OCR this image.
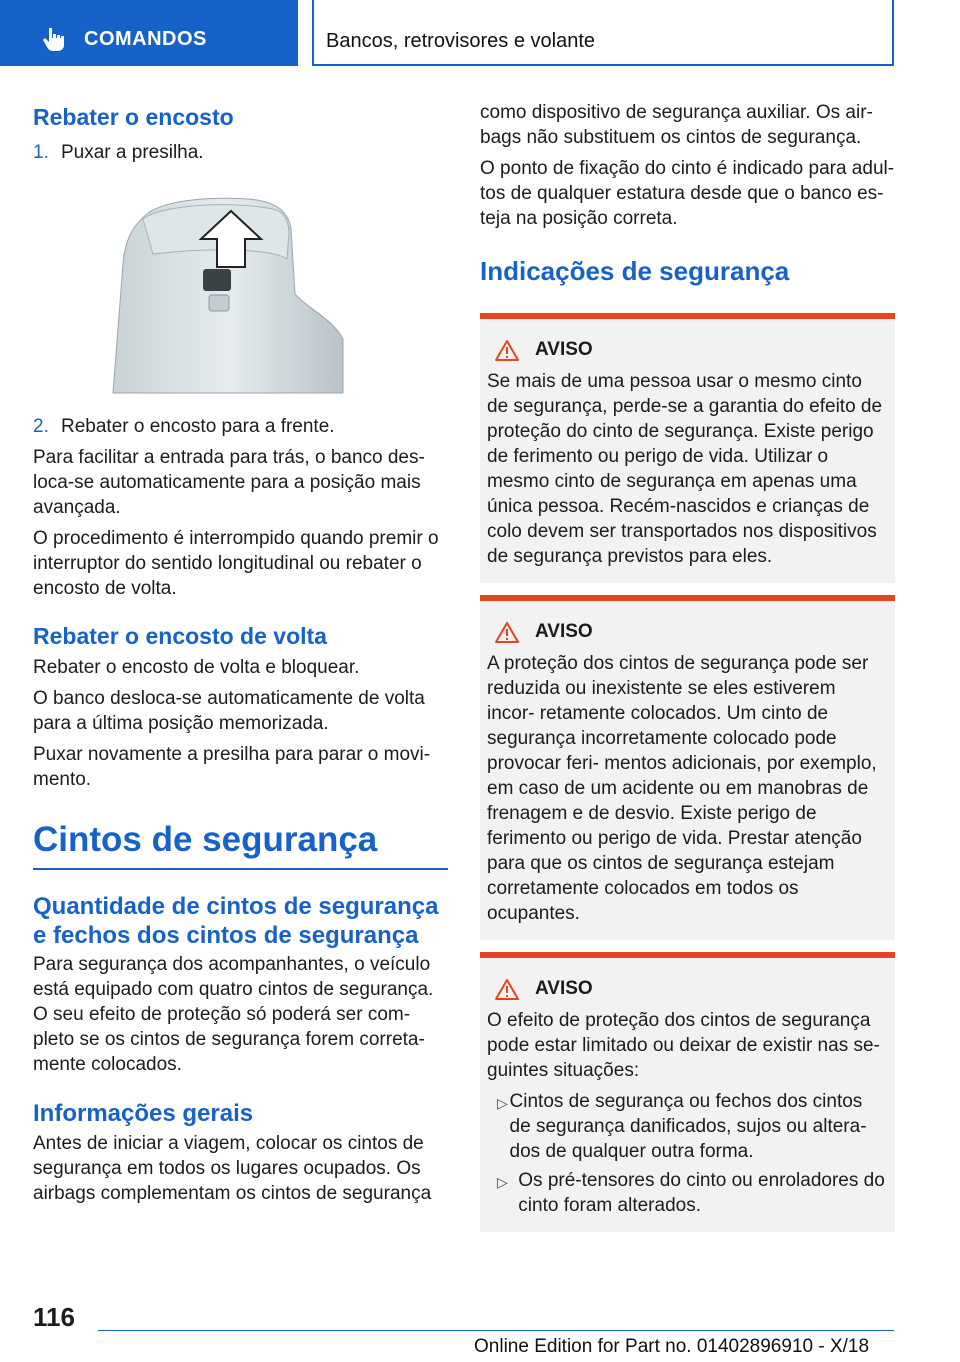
COMANDOS	Bancos, retrovisores e volante
Rebater o encosto
1. Puxar a presilha.
2. Rebater o encosto para a frente.

Para facilitar a entrada para trás, o banco des- loca-se automaticamente para a posição mais avançada.

O procedimento é interrompido quando premir o interruptor do sentido longitudinal ou rebater o encosto de volta.

Rebater o encosto de volta

Rebater o encosto de volta e bloquear.

O banco desloca-se automaticamente de volta para a última posição memorizada.

Puxar novamente a presilha para parar o movi- mento.

Cintos de segurança
Quantidade de cintos de segurança e fechos dos cintos de segurança

Para segurança dos acompanhantes, o veículo está equipado com quatro cintos de segurança. O seu efeito de proteção só poderá ser com- pleto se os cintos de segurança forem correta- mente colocados.

Informações gerais

Antes de iniciar a viagem, colocar os cintos de segurança em todos os lugares ocupados. Os airbags complementam os cintos de segurança

como dispositivo de segurança auxiliar. Os air- bags não substituem os cintos de segurança.

O ponto de fixação do cinto é indicado para adul- tos de qualquer estatura desde que o banco es- teja na posição correta.

Indicações de segurança
AVISO

Se mais de uma pessoa usar o mesmo cinto de segurança, perde-se a garantia do efeito de proteção do cinto de segurança. Existe perigo de ferimento ou perigo de vida. Utilizar o mesmo cinto de segurança em apenas uma única pessoa. Recém-nascidos e crianças de colo devem ser transportados nos dispositivos de segurança previstos para eles.

AVISO

A proteção dos cintos de segurança pode ser reduzida ou inexistente se eles estiverem incor- retamente colocados. Um cinto de segurança incorretamente colocado pode provocar feri- mentos adicionais, por exemplo, em caso de um acidente ou em manobras de frenagem e de desvio. Existe perigo de ferimento ou perigo de vida. Prestar atenção para que os cintos de segurança estejam corretamente colocados em todos os ocupantes.

AVISO

O efeito de proteção dos cintos de segurança pode estar limitado ou deixar de existir nas se- guintes situações:

▷ Cintos de segurança ou fechos dos cintos de segurança danificados, sujos ou altera- dos de qualquer outra forma.
▷ Os pré-tensores do cinto ou enroladores do cinto foram alterados.
116
Online Edition for Part no. 01402896910 - X/18
